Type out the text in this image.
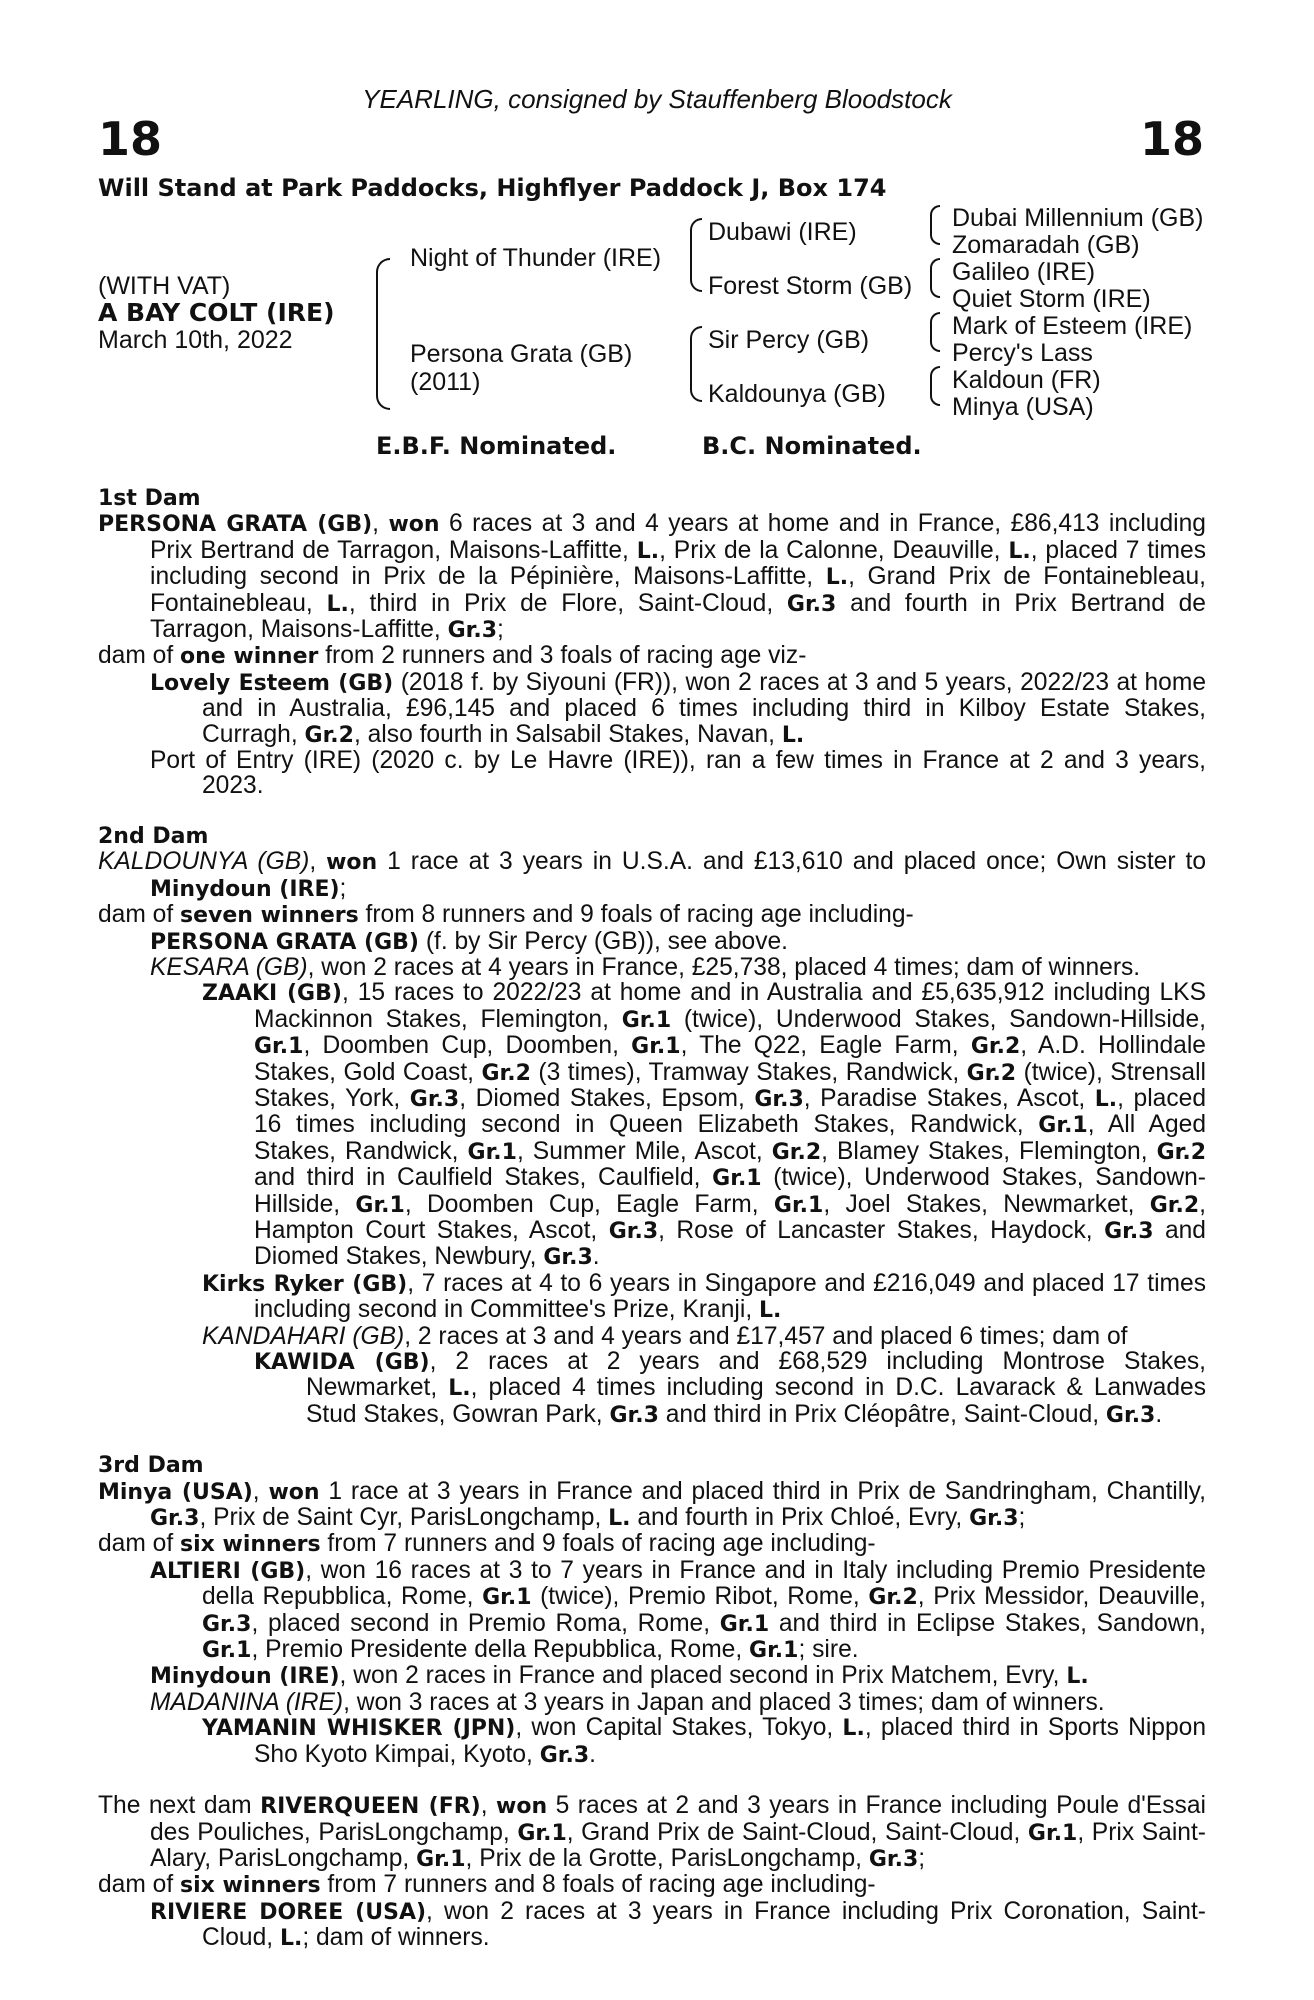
YEARLING, consigned by Stauffenberg Bloodstock
18	18
Will Stand at Park Paddocks, Highflyer Paddock J, Box 174
(WITH VAT)
A BAY COLT (IRE)
March 10th, 2022
Night of Thunder (IRE)
Persona Grata (GB)
(2011)
Dubawi (IRE)
Forest Storm (GB)
Sir Percy (GB)
Kaldounya (GB)
Dubai Millennium (GB)
Zomaradah (GB)
Galileo (IRE)
Quiet Storm (IRE)
Mark of Esteem (IRE)
Percy's Lass
Kaldoun (FR)
Minya (USA)
E.B.F. Nominated.	B.C. Nominated.
1st Dam
PERSONA GRATA (GB), won 6 races at 3 and 4 years at home and in France, £86,413 including Prix Bertrand de Tarragon, Maisons-Laffitte, L., Prix de la Calonne, Deauville, L., placed 7 times including second in Prix de la Pépinière, Maisons-Laffitte, L., Grand Prix de Fontainebleau, Fontainebleau, L., third in Prix de Flore, Saint-Cloud, Gr.3 and fourth in Prix Bertrand de Tarragon, Maisons-Laffitte, Gr.3;
dam of one winner from 2 runners and 3 foals of racing age viz-
Lovely Esteem (GB) (2018 f. by Siyouni (FR)), won 2 races at 3 and 5 years, 2022/23 at home and in Australia, £96,145 and placed 6 times including third in Kilboy Estate Stakes, Curragh, Gr.2, also fourth in Salsabil Stakes, Navan, L.
Port of Entry (IRE) (2020 c. by Le Havre (IRE)), ran a few times in France at 2 and 3 years, 2023.
2nd Dam
KALDOUNYA (GB), won 1 race at 3 years in U.S.A. and £13,610 and placed once; Own sister to Minydoun (IRE);
dam of seven winners from 8 runners and 9 foals of racing age including-
PERSONA GRATA (GB) (f. by Sir Percy (GB)), see above.
KESARA (GB), won 2 races at 4 years in France, £25,738, placed 4 times; dam of winners.
ZAAKI (GB), 15 races to 2022/23 at home and in Australia and £5,635,912 including LKS Mackinnon Stakes, Flemington, Gr.1 (twice), Underwood Stakes, Sandown-Hillside, Gr.1, Doomben Cup, Doomben, Gr.1, The Q22, Eagle Farm, Gr.2, A.D. Hollindale Stakes, Gold Coast, Gr.2 (3 times), Tramway Stakes, Randwick, Gr.2 (twice), Strensall Stakes, York, Gr.3, Diomed Stakes, Epsom, Gr.3, Paradise Stakes, Ascot, L., placed 16 times including second in Queen Elizabeth Stakes, Randwick, Gr.1, All Aged Stakes, Randwick, Gr.1, Summer Mile, Ascot, Gr.2, Blamey Stakes, Flemington, Gr.2 and third in Caulfield Stakes, Caulfield, Gr.1 (twice), Underwood Stakes, Sandown-Hillside, Gr.1, Doomben Cup, Eagle Farm, Gr.1, Joel Stakes, Newmarket, Gr.2, Hampton Court Stakes, Ascot, Gr.3, Rose of Lancaster Stakes, Haydock, Gr.3 and Diomed Stakes, Newbury, Gr.3.
Kirks Ryker (GB), 7 races at 4 to 6 years in Singapore and £216,049 and placed 17 times including second in Committee's Prize, Kranji, L.
KANDAHARI (GB), 2 races at 3 and 4 years and £17,457 and placed 6 times; dam of
KAWIDA (GB), 2 races at 2 years and £68,529 including Montrose Stakes, Newmarket, L., placed 4 times including second in D.C. Lavarack & Lanwades Stud Stakes, Gowran Park, Gr.3 and third in Prix Cléopâtre, Saint-Cloud, Gr.3.
3rd Dam
Minya (USA), won 1 race at 3 years in France and placed third in Prix de Sandringham, Chantilly, Gr.3, Prix de Saint Cyr, ParisLongchamp, L. and fourth in Prix Chloé, Evry, Gr.3;
dam of six winners from 7 runners and 9 foals of racing age including-
ALTIERI (GB), won 16 races at 3 to 7 years in France and in Italy including Premio Presidente della Repubblica, Rome, Gr.1 (twice), Premio Ribot, Rome, Gr.2, Prix Messidor, Deauville, Gr.3, placed second in Premio Roma, Rome, Gr.1 and third in Eclipse Stakes, Sandown, Gr.1, Premio Presidente della Repubblica, Rome, Gr.1; sire.
Minydoun (IRE), won 2 races in France and placed second in Prix Matchem, Evry, L.
MADANINA (IRE), won 3 races at 3 years in Japan and placed 3 times; dam of winners.
YAMANIN WHISKER (JPN), won Capital Stakes, Tokyo, L., placed third in Sports Nippon Sho Kyoto Kimpai, Kyoto, Gr.3.
The next dam RIVERQUEEN (FR), won 5 races at 2 and 3 years in France including Poule d'Essai des Pouliches, ParisLongchamp, Gr.1, Grand Prix de Saint-Cloud, Saint-Cloud, Gr.1, Prix Saint-Alary, ParisLongchamp, Gr.1, Prix de la Grotte, ParisLongchamp, Gr.3;
dam of six winners from 7 runners and 8 foals of racing age including-
RIVIERE DOREE (USA), won 2 races at 3 years in France including Prix Coronation, Saint-Cloud, L.; dam of winners.
